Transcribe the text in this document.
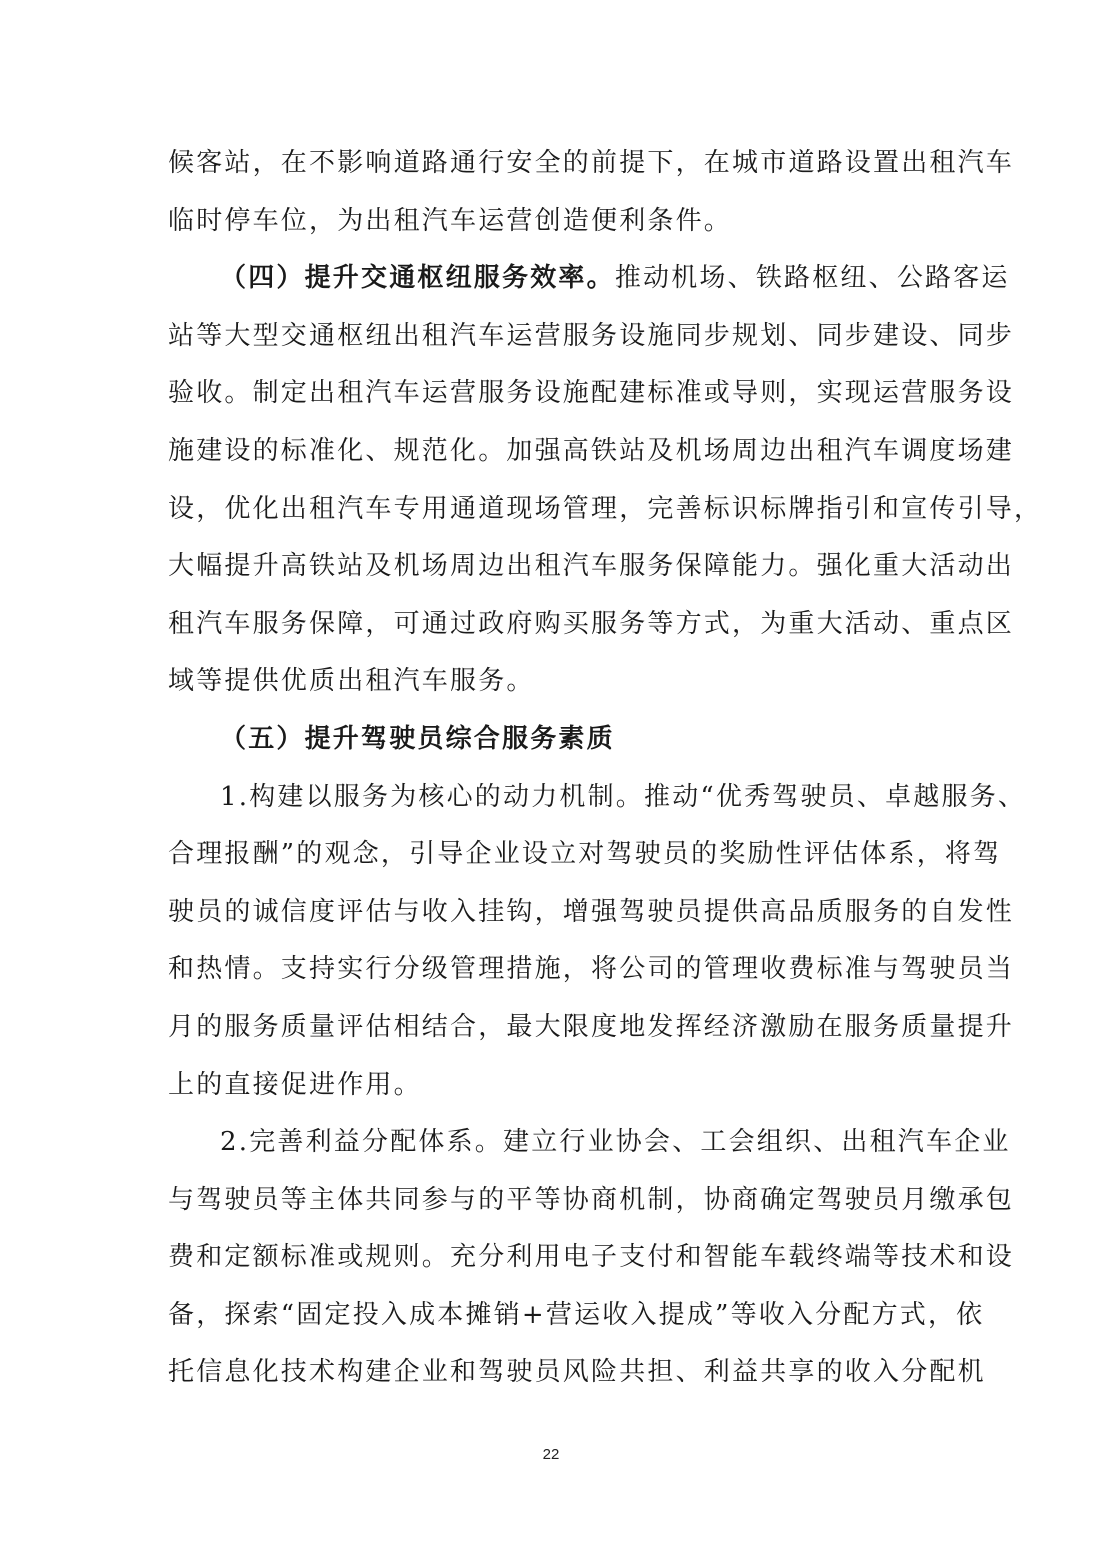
候客站，在不影响道路通行安全的前提下，在城市道路设置出租汽车
临时停车位，为出租汽车运营创造便利条件。
（四）提升交通枢纽服务效率。推动机场、铁路枢纽、公路客运
站等大型交通枢纽出租汽车运营服务设施同步规划、同步建设、同步
验收。制定出租汽车运营服务设施配建标准或导则，实现运营服务设
施建设的标准化、规范化。加强高铁站及机场周边出租汽车调度场建
设，优化出租汽车专用通道现场管理，完善标识标牌指引和宣传引导，
大幅提升高铁站及机场周边出租汽车服务保障能力。强化重大活动出
租汽车服务保障，可通过政府购买服务等方式，为重大活动、重点区
域等提供优质出租汽车服务。
（五）提升驾驶员综合服务素质
1.构建以服务为核心的动力机制。推动“优秀驾驶员、卓越服务、
合理报酬”的观念，引导企业设立对驾驶员的奖励性评估体系，将驾
驶员的诚信度评估与收入挂钩，增强驾驶员提供高品质服务的自发性
和热情。支持实行分级管理措施，将公司的管理收费标准与驾驶员当
月的服务质量评估相结合，最大限度地发挥经济激励在服务质量提升
上的直接促进作用。
2.完善利益分配体系。建立行业协会、工会组织、出租汽车企业
与驾驶员等主体共同参与的平等协商机制，协商确定驾驶员月缴承包
费和定额标准或规则。充分利用电子支付和智能车载终端等技术和设
备，探索“固定投入成本摊销+营运收入提成”等收入分配方式，依
托信息化技术构建企业和驾驶员风险共担、利益共享的收入分配机
22
